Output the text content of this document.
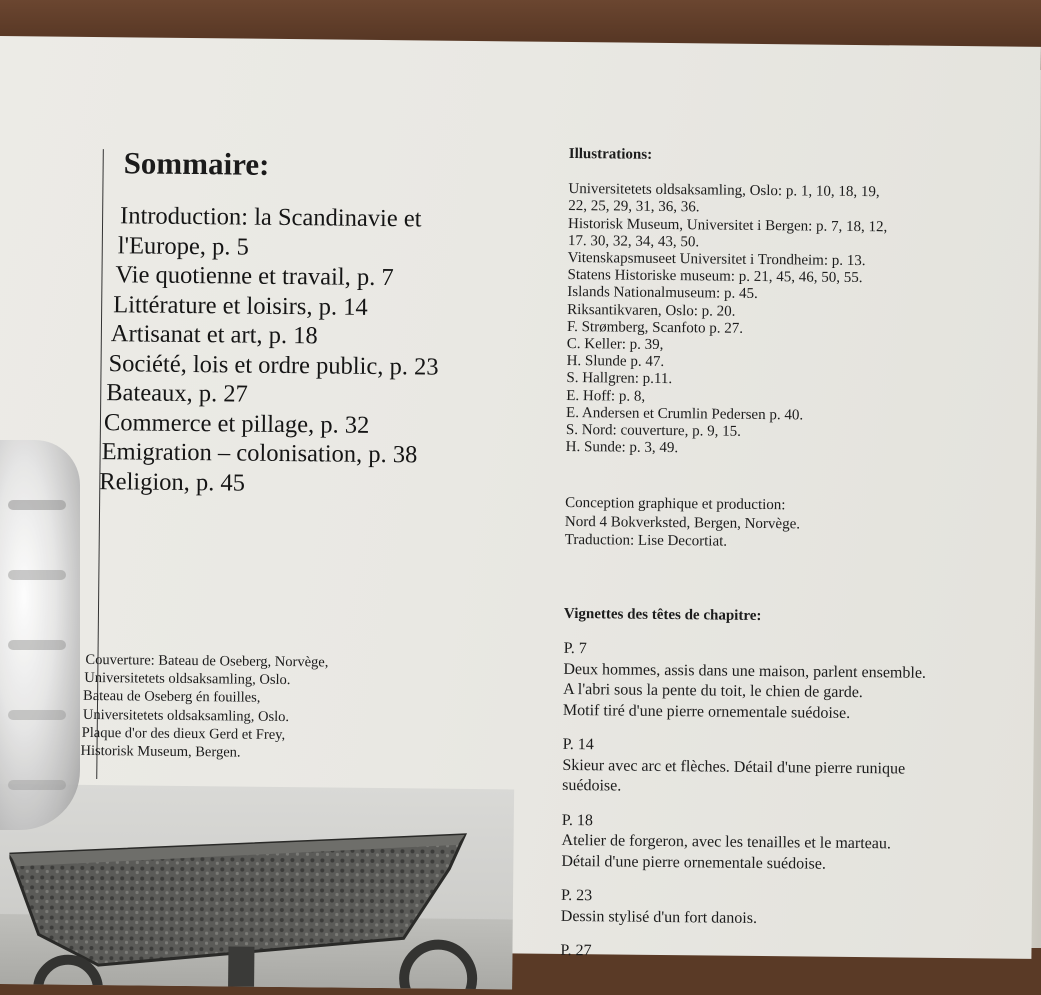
Sommaire:
Introduction: la Scandinavie et
l'Europe, p. 5
Vie quotienne et travail, p. 7
Littérature et loisirs, p. 14
Artisanat et art, p. 18
Société, lois et ordre public, p. 23
Bateaux, p. 27
Commerce et pillage, p. 32
Emigration – colonisation, p. 38
Religion, p. 45
Couverture: Bateau de Oseberg, Norvège,
Universitetets oldsaksamling, Oslo.
Bateau de Oseberg én fouilles,
Universitetets oldsaksamling, Oslo.
Plaque d'or des dieux Gerd et Frey,
Historisk Museum, Bergen.
Illustrations:
Universitetets oldsaksamling, Oslo: p. 1, 10, 18, 19,
22, 25, 29, 31, 36, 36.
Historisk Museum, Universitet i Bergen: p. 7, 18, 12,
17. 30, 32, 34, 43, 50.
Vitenskapsmuseet Universitet i Trondheim: p. 13.
Statens Historiske museum: p. 21, 45, 46, 50, 55.
Islands Nationalmuseum: p. 45.
Riksantikvaren, Oslo: p. 20.
F. Strømberg, Scanfoto p. 27.
C. Keller: p. 39,
H. Slunde p. 47.
S. Hallgren: p.11.
E. Hoff: p. 8,
E. Andersen et Crumlin Pedersen p. 40.
S. Nord: couverture, p. 9, 15.
H. Sunde: p. 3, 49.
Conception graphique et production:
Nord 4 Bokverksted, Bergen, Norvège.
Traduction: Lise Decortiat.
Vignettes des têtes de chapitre:
P. 7
Deux hommes, assis dans une maison, parlent ensemble.
A l'abri sous la pente du toit, le chien de garde.
Motif tiré d'une pierre ornementale suédoise.
P. 14
Skieur avec arc et flèches. Détail d'une pierre runique
suédoise.
P. 18
Atelier de forgeron, avec les tenailles et le marteau.
Détail d'une pierre ornementale suédoise.
P. 23
Dessin stylisé d'un fort danois.
P. 27
